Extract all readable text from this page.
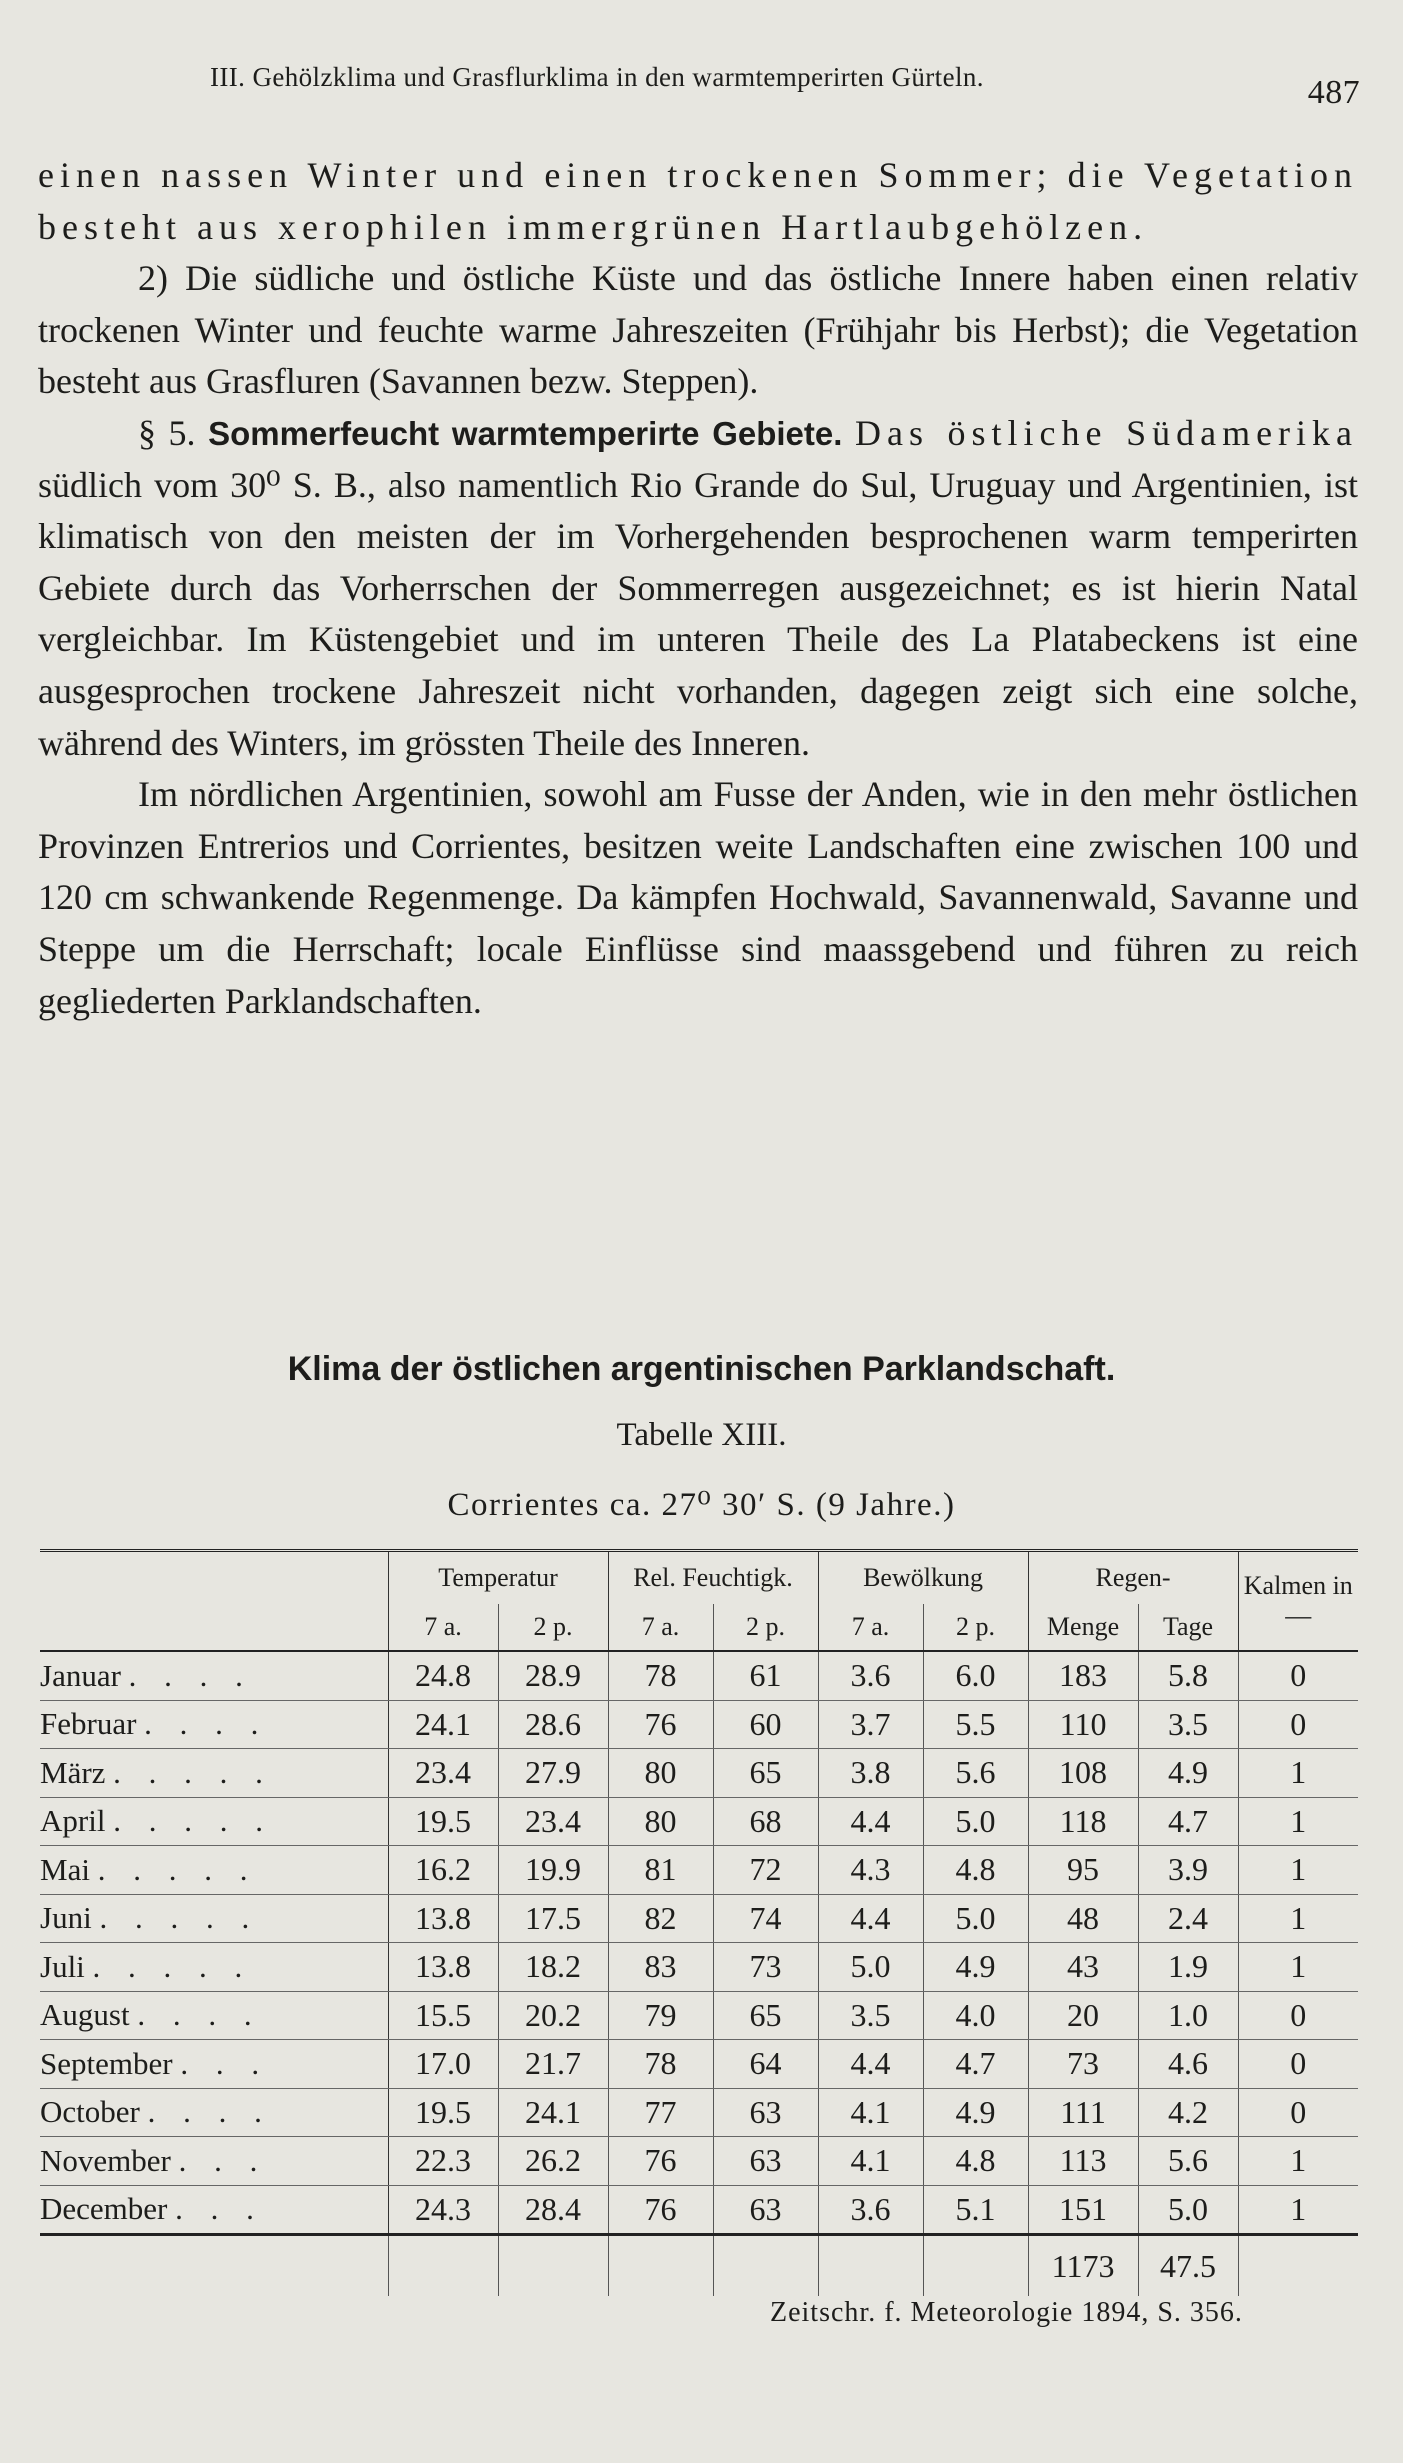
III. Gehölzklima und Grasflurklima in den warmtemperirten Gürteln.	487

einen nassen Winter und einen trockenen Sommer; die Vegetation besteht aus xerophilen immergrünen Hartlaubgehölzen.

2) Die südliche und östliche Küste und das östliche Innere haben einen relativ trockenen Winter und feuchte warme Jahreszeiten (Frühjahr bis Herbst); die Vegetation besteht aus Grasfluren (Savannen bezw. Steppen).

§ 5. Sommerfeucht warmtemperirte Gebiete. Das östliche Südamerika südlich vom 30⁰ S. B., also namentlich Rio Grande do Sul, Uruguay und Argentinien, ist klimatisch von den meisten der im Vorhergehenden besprochenen warm temperirten Gebiete durch das Vorherrschen der Sommerregen ausgezeichnet; es ist hierin Natal vergleichbar. Im Küstengebiet und im unteren Theile des La Platabeckens ist eine ausgesprochen trockene Jahreszeit nicht vorhanden, dagegen zeigt sich eine solche, während des Winters, im grössten Theile des Inneren.

Im nördlichen Argentinien, sowohl am Fusse der Anden, wie in den mehr östlichen Provinzen Entrerios und Corrientes, besitzen weite Landschaften eine zwischen 100 und 120 cm schwankende Regenmenge. Da kämpfen Hochwald, Savannenwald, Savanne und Steppe um die Herrschaft; locale Einflüsse sind maassgebend und führen zu reich gegliederten Parklandschaften.

Klima der östlichen argentinischen Parklandschaft.
Tabelle XIII.
Corrientes ca. 27⁰ 30′ S. (9 Jahre.)
	Temperatur		Rel. Feuchtigk.		Bewölkung		Regen-		Kalmen in —
	7 a.	2 p.	7 a.	2 p.	7 a.	2 p.	Menge	Tage	

Januar . . . .	24.8	28.9	78	61	3.6	6.0	183	5.8	0
Februar . . . .	24.1	28.6	76	60	3.7	5.5	110	3.5	0
März . . . . .	23.4	27.9	80	65	3.8	5.6	108	4.9	1
April . . . . .	19.5	23.4	80	68	4.4	5.0	118	4.7	1
Mai . . . . .	16.2	19.9	81	72	4.3	4.8	95	3.9	1
Juni . . . . .	13.8	17.5	82	74	4.4	5.0	48	2.4	1
Juli . . . . .	13.8	18.2	83	73	5.0	4.9	43	1.9	1
August . . . .	15.5	20.2	79	65	3.5	4.0	20	1.0	0
September . . .	17.0	21.7	78	64	4.4	4.7	73	4.6	0
October . . . .	19.5	24.1	77	63	4.1	4.9	111	4.2	0
November . . .	22.3	26.2	76	63	4.1	4.8	113	5.6	1
December . . .	24.3	28.4	76	63	3.6	5.1	151	5.0	1
							1173	47.5	
Zeitschr. f. Meteorologie 1894, S. 356.
